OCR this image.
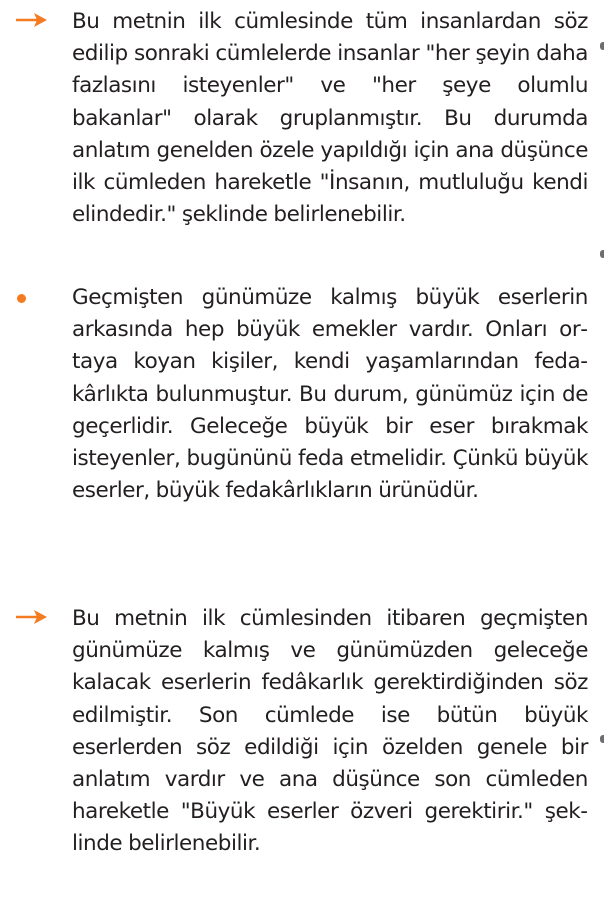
Bu metnin ilk cümlesinde tüm insanlardan söz edilip sonraki cümlelerde insanlar "her şeyin daha fazlasını isteyenler" ve "her şeye olumlu bakanlar" olarak gruplanmıştır. Bu durumda anlatım genelden özele yapıldığı için ana düşünce ilk cümleden hareketle "İnsanın, mutluluğu kendi elindedir." şeklinde belirlenebilir.
Geçmişten günümüze kalmış büyük eserlerin arkasında hep büyük emekler vardır. Onları ortaya koyan kişiler, kendi yaşamlarından fedakârlıkta bulunmuştur. Bu durum, günümüz için de geçerlidir. Geleceğe büyük bir eser bırakmak isteyenler, bugününü feda etmelidir. Çünkü büyük eserler, büyük fedakârlıkların ürünüdür.
Bu metnin ilk cümlesinden itibaren geçmişten günümüze kalmış ve günümüzden geleceğe kalacak eserlerin fedâkarlık gerektirdiğinden söz edilmiştir. Son cümlede ise bütün büyük eserlerden söz edildiği için özelden genele bir anlatım vardır ve ana düşünce son cümleden hareketle "Büyük eserler özveri gerektirir." şeklinde belirlenebilir.
